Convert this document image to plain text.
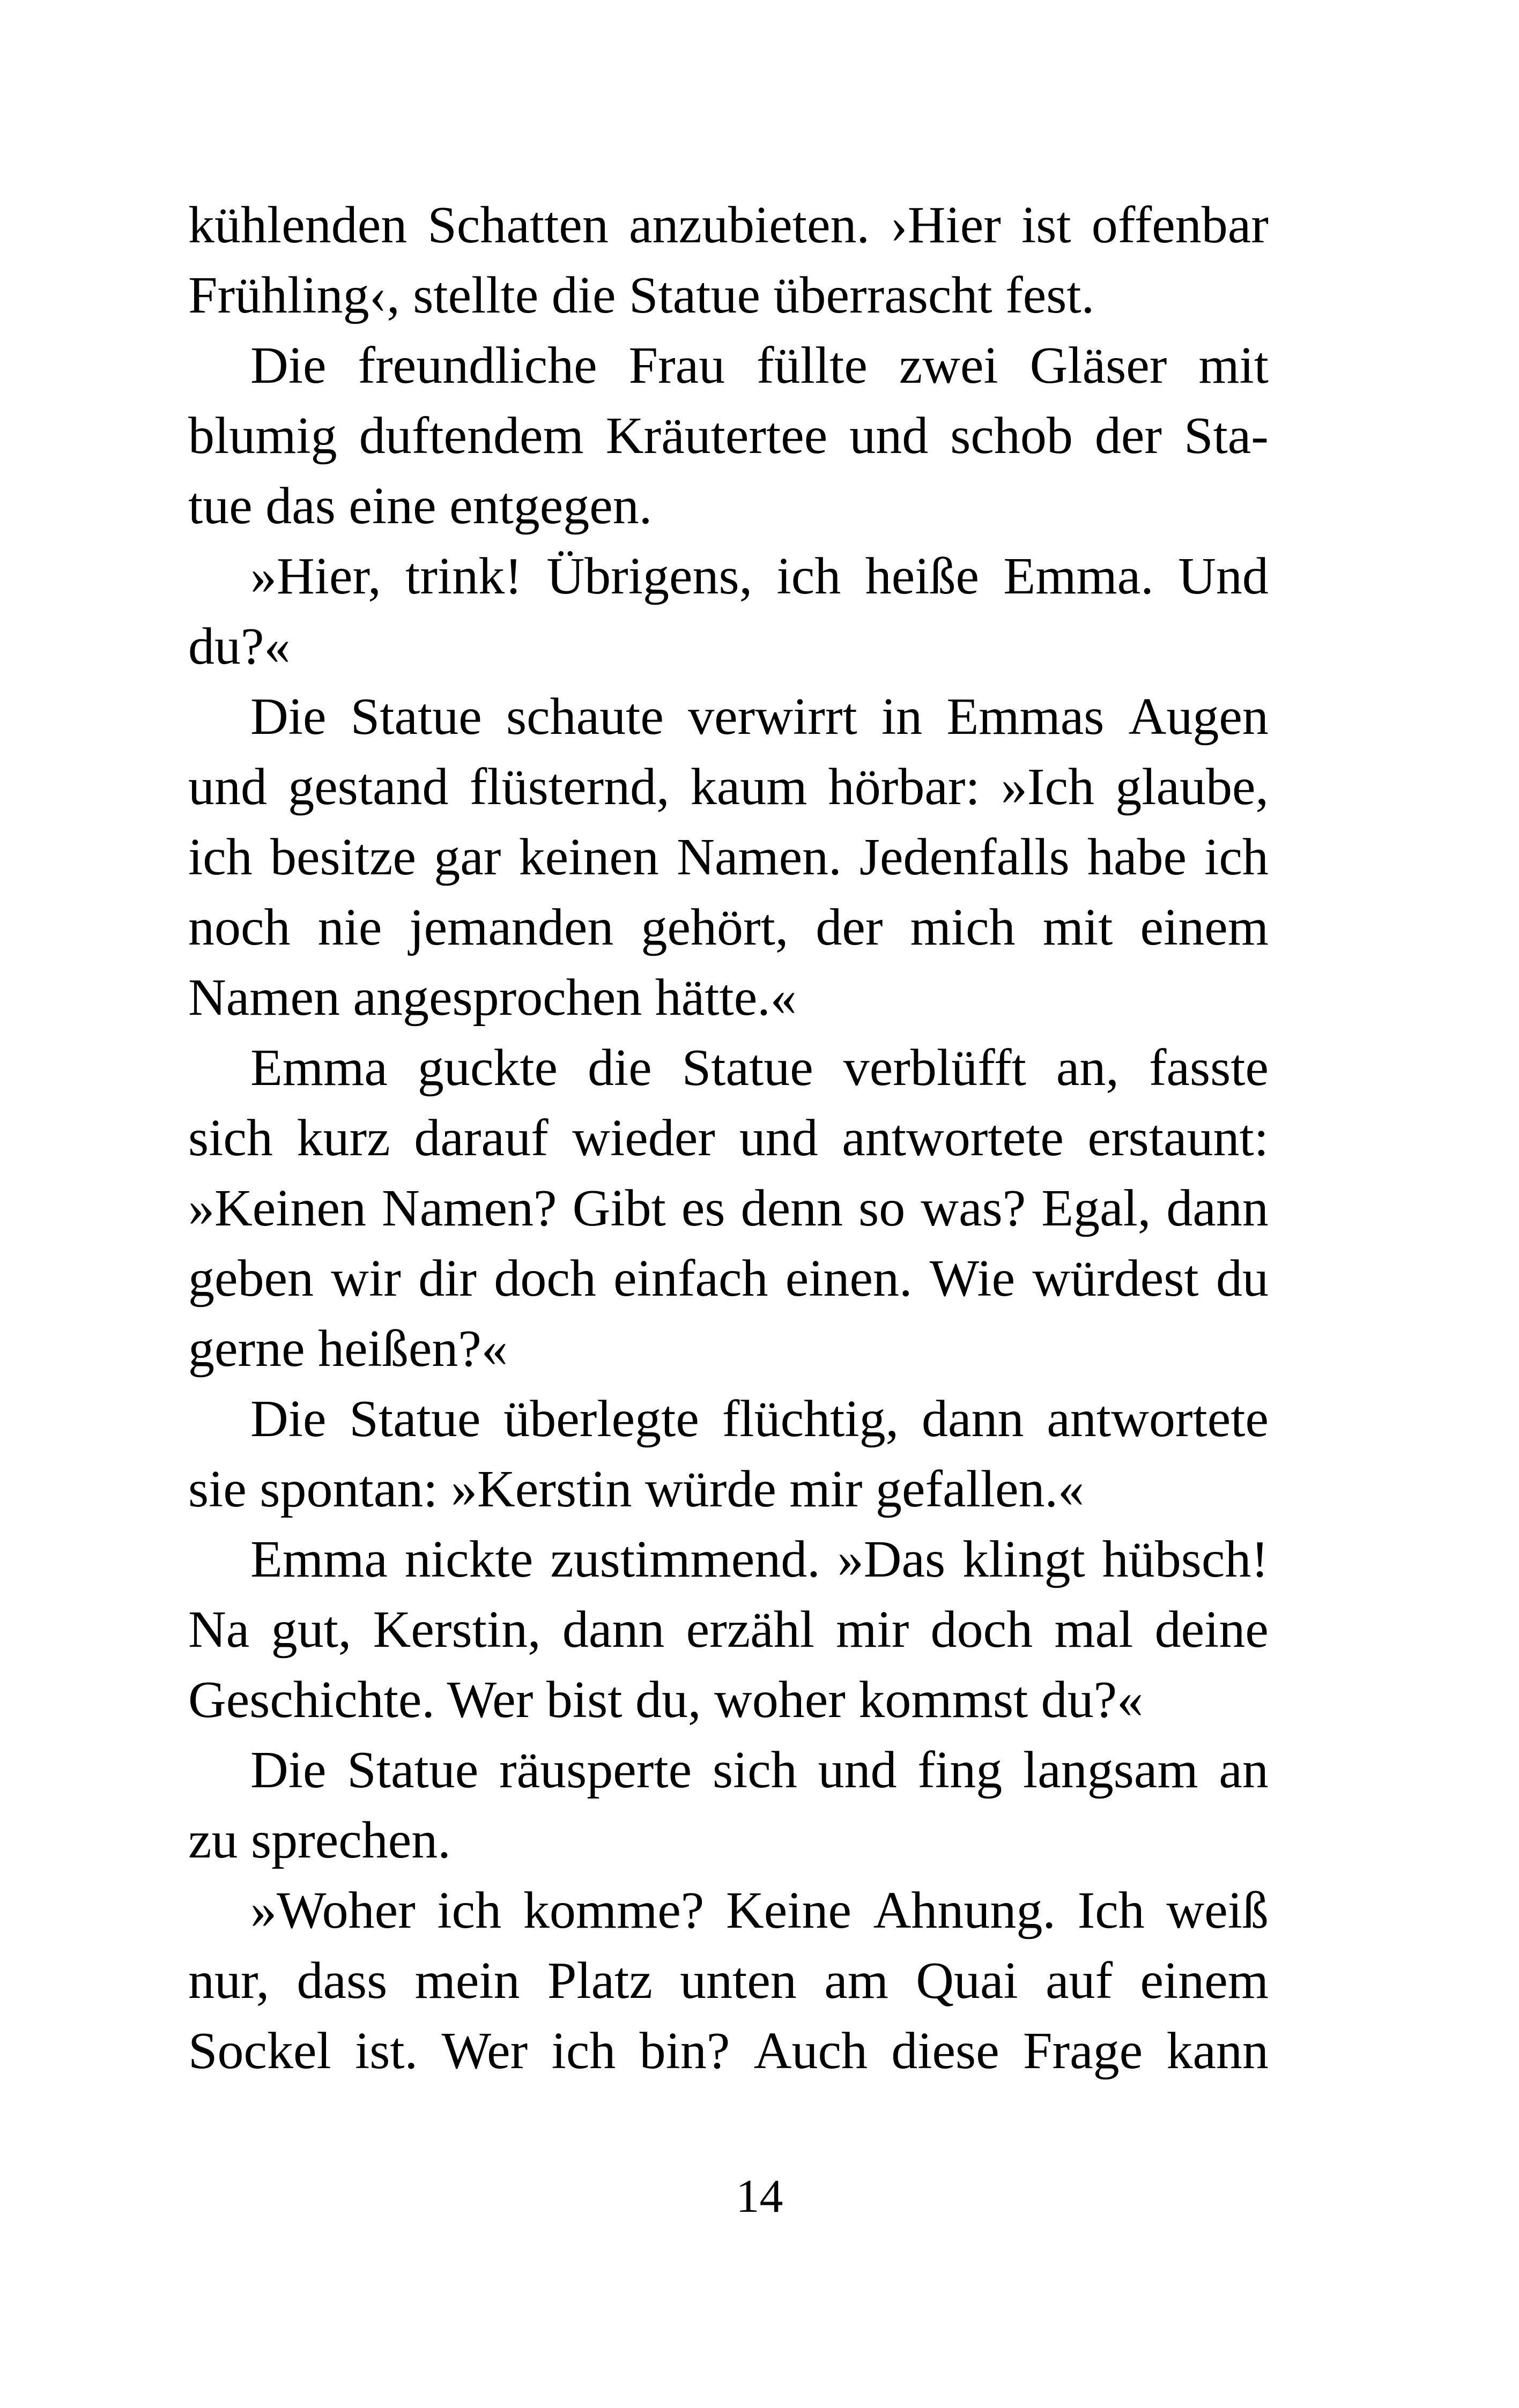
kühlenden Schatten anzubieten. ›Hier ist offenbar
Frühling‹, stellte die Statue überrascht fest.
Die freundliche Frau füllte zwei Gläser mit
blumig duftendem Kräutertee und schob der Sta-
tue das eine entgegen.
»Hier, trink! Übrigens, ich heiße Emma. Und
du?«
Die Statue schaute verwirrt in Emmas Augen
und gestand flüsternd, kaum hörbar: »Ich glaube,
ich besitze gar keinen Namen. Jedenfalls habe ich
noch nie jemanden gehört, der mich mit einem
Namen angesprochen hätte.«
Emma guckte die Statue verblüfft an, fasste
sich kurz darauf wieder und antwortete erstaunt:
»Keinen Namen? Gibt es denn so was? Egal, dann
geben wir dir doch einfach einen. Wie würdest du
gerne heißen?«
Die Statue überlegte flüchtig, dann antwortete
sie spontan: »Kerstin würde mir gefallen.«
Emma nickte zustimmend. »Das klingt hübsch!
Na gut, Kerstin, dann erzähl mir doch mal deine
Geschichte. Wer bist du, woher kommst du?«
Die Statue räusperte sich und fing langsam an
zu sprechen.
»Woher ich komme? Keine Ahnung. Ich weiß
nur, dass mein Platz unten am Quai auf einem
Sockel ist. Wer ich bin? Auch diese Frage kann
14
